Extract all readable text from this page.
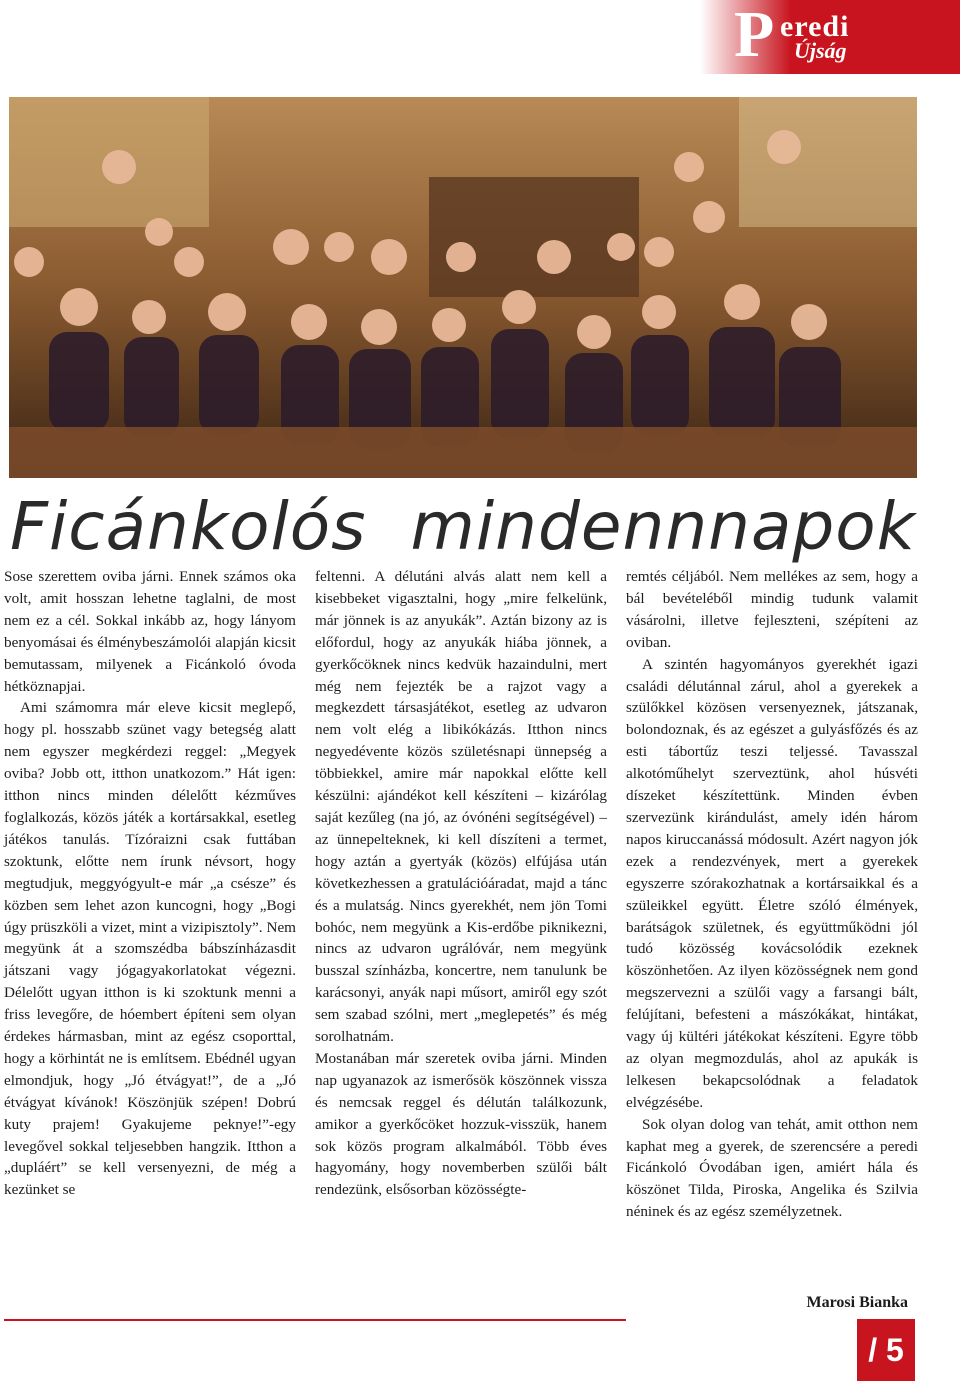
P eredi
Újság
Ficánkolós  mindennnapok

Sose szerettem oviba járni. Ennek számos oka volt, amit hosszan lehetne taglalni, de most nem ez a cél. Sokkal inkább az, hogy lányom benyomásai és élménybeszámolói alapján kicsit bemutassam, milyenek a Ficánkoló óvoda hétköznapjai.

Ami számomra már eleve kicsit meglepő, hogy pl. hosszabb szünet vagy betegség alatt nem egyszer megkérdezi reggel: „Megyek oviba? Jobb ott, itthon unatkozom.” Hát igen: itthon nincs minden délelőtt kézműves foglalkozás, közös játék a kortársakkal, esetleg játékos tanulás. Tízóraizni csak futtában szoktunk, előtte nem írunk névsort, hogy megtudjuk, meggyógyult-e már „a csésze” és közben sem lehet azon kuncogni, hogy „Bogi úgy prüszköli a vizet, mint a vizipisztoly”. Nem megyünk át a szomszédba bábszínházasdit játszani vagy jógagyakorlatokat végezni. Délelőtt ugyan itthon is ki szoktunk menni a friss levegőre, de hóembert építeni sem olyan érdekes hármasban, mint az egész csoporttal, hogy a körhintát ne is említsem. Ebédnél ugyan elmondjuk, hogy „Jó étvágyat!”, de a „Jó étvágyat kívánok! Köszönjük szépen! Dobrú kuty prajem! Gyakujeme peknye!”-egy levegővel sokkal teljesebben hangzik. Itthon a „dupláért” se kell versenyezni, de még a kezünket se

feltenni. A délutáni alvás alatt nem kell a kisebbeket vigasztalni, hogy „mire felkelünk, már jönnek is az anyukák”. Aztán bizony az is előfordul, hogy az anyukák hiába jönnek, a gyerkőcöknek nincs kedvük hazaindulni, mert még nem fejezték be a rajzot vagy a megkezdett társasjátékot, esetleg az udvaron nem volt elég a libikókázás. Itthon nincs negyedévente közös születésnapi ünnepség a többiekkel, amire már napokkal előtte kell készülni: ajándékot kell készíteni – kizárólag saját kezűleg (na jó, az óvónéni segítségével) – az ünnepelteknek, ki kell díszíteni a termet, hogy aztán a gyertyák (közös) elfújása után következhessen a gratulációáradat, majd a tánc és a mulatság. Nincs gyerekhét, nem jön Tomi bohóc, nem megyünk a Kis-erdőbe piknikezni, nincs az udvaron ugrálóvár, nem megyünk busszal színházba, koncertre, nem tanulunk be karácsonyi, anyák napi műsort, amiről egy szót sem szabad szólni, mert „meglepetés” és még sorolhatnám.

Mostanában már szeretek oviba járni. Minden nap ugyanazok az ismerősök köszönnek vissza és nemcsak reggel és délután találkozunk, amikor a gyerkőcöket hozzuk-visszük, hanem sok közös program alkalmából. Több éves hagyomány, hogy novemberben szülői bált rendezünk, elsősorban közösségte-

remtés céljából. Nem mellékes az sem, hogy a bál bevételéből mindig tudunk valamit vásárolni, illetve fejleszteni, szépíteni az oviban.

A szintén hagyományos gyerekhét igazi családi délutánnal zárul, ahol a gyerekek a szülőkkel közösen versenyeznek, játszanak, bolondoznak, és az egészet a gulyásfőzés és az esti tábortűz teszi teljessé. Tavasszal alkotóműhelyt szerveztünk, ahol húsvéti díszeket készítettünk. Minden évben szervezünk kirándulást, amely idén három napos kiruccanássá módosult. Azért nagyon jók ezek a rendezvények, mert a gyerekek egyszerre szórakozhatnak a kortársaikkal és a szüleikkel együtt. Életre szóló élmények, barátságok születnek, és együttműködni jól tudó közösség kovácsolódik ezeknek köszönhetően. Az ilyen közösségnek nem gond megszervezni a szülői vagy a farsangi bált, felújítani, befesteni a mászókákat, hintákat, vagy új kültéri játékokat készíteni. Egyre több az olyan megmozdulás, ahol az apukák is lelkesen bekapcsolódnak a feladatok elvégzésébe.

Sok olyan dolog van tehát, amit otthon nem kaphat meg a gyerek, de szerencsére a peredi Ficánkoló Óvodában igen, amiért hála és köszönet Tilda, Piroska, Angelika és Szilvia néninek és az egész személyzetnek.

Marosi Bianka
/ 5
